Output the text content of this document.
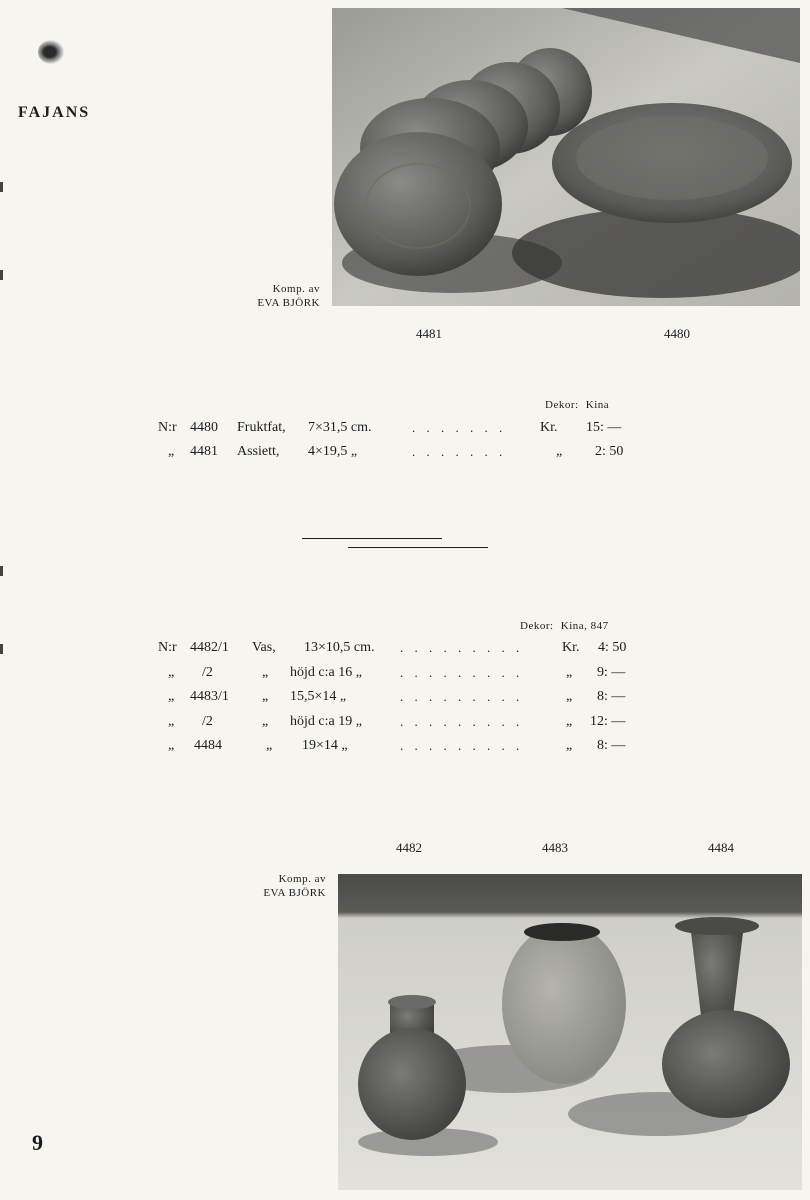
FAJANS
Komp. av
EVA BJÖRK
4481	4480
Dekor: Kina
N:r 4480 Fruktfat, 7×31,5 cm.	. . . . . . . Kr. 15: —
„ 4481 Assiett, 4×19,5 „	. . . . . . .	„ 2: 50
Dekor: Kina, 847
N:r 4482/1 Vas, 13×10,5 cm. . . . . . . . . .	Kr. 4: 50
„ /2	„ höjd c:a 16 „	. . . . . . . . .	„ 9: —
„ 4483/1 „ 15,5×14 „	. . . . . . . . .	„ 8: —
„ /2	„ höjd c:a 19 „	. . . . . . . . .	„ 12: —
„ 4484	„ 19×14 „	. . . . . . . . .	„ 8: —
4482	4483	4484
Komp. av
EVA BJÖRK
9
